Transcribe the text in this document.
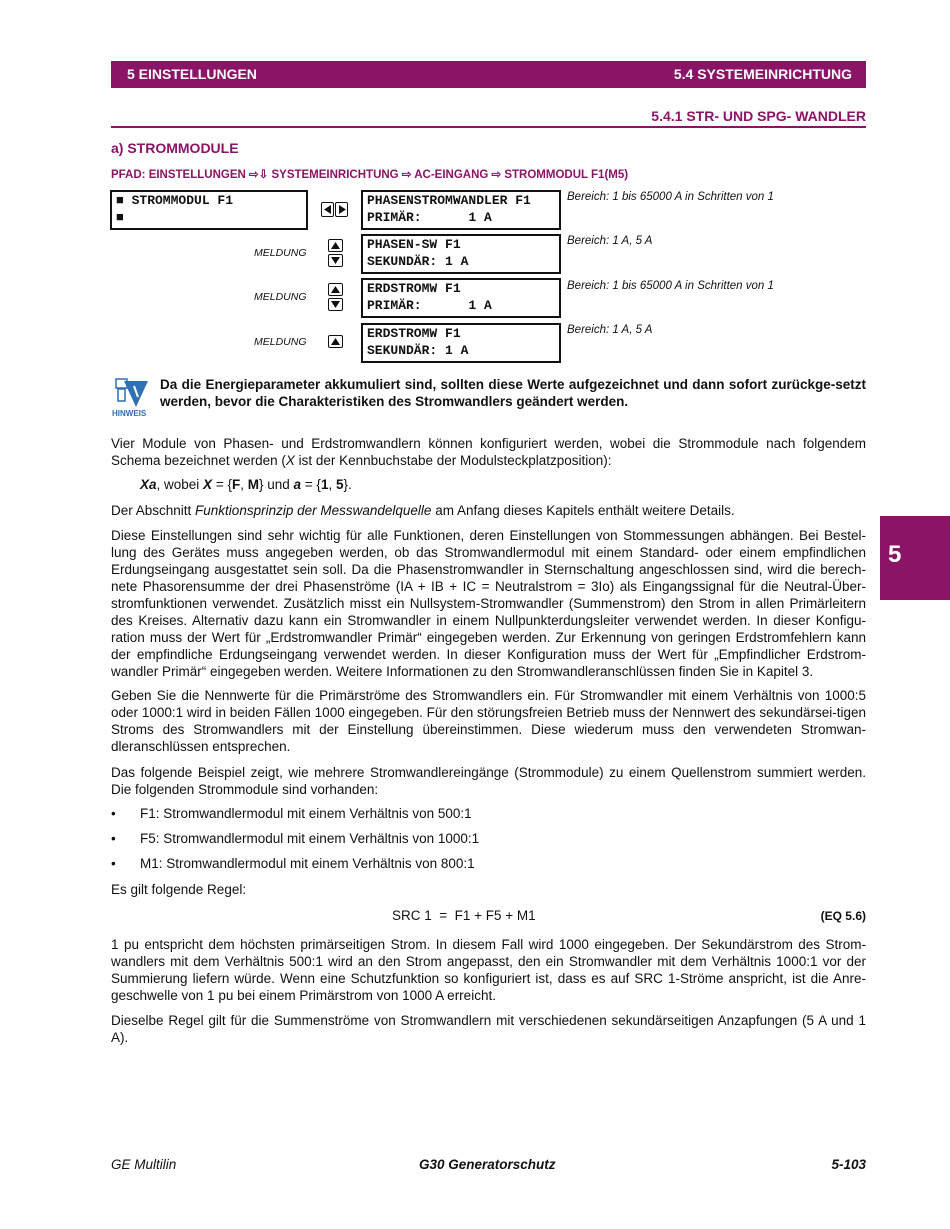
5 EINSTELLUNGEN	5.4 SYSTEMEINRICHTUNG
5.4.1 STR- UND SPG- WANDLER
a) STROMMODULE
PFAD: EINSTELLUNGEN ⇨⇩ SYSTEMEINRICHTUNG ⇨ AC-EINGANG ⇨ STROMMODUL F1(M5)
■ STROMMODUL F1
■
PHASENSTROMWANDLER F1
PRIMÄR:      1 A
Bereich: 1 bis 65000 A in Schritten von 1
MELDUNG
PHASEN-SW F1
SEKUNDÄR: 1 A
Bereich: 1 A, 5 A
MELDUNG
ERDSTROMW F1
PRIMÄR:      1 A
Bereich: 1 bis 65000 A in Schritten von 1
MELDUNG
ERDSTROMW F1
SEKUNDÄR: 1 A
Bereich: 1 A, 5 A
HINWEIS
Da die Energieparameter akkumuliert sind, sollten diese Werte aufgezeichnet und dann sofort zurückge-setzt werden, bevor die Charakteristiken des Stromwandlers geändert werden.

Vier Module von Phasen- und Erdstromwandlern können konfiguriert werden, wobei die Strommodule nach folgendem Schema bezeichnet werden (X ist der Kennbuchstabe der Modulsteckplatzposition):

Xa, wobei X = {F, M} und a = {1, 5}.

Der Abschnitt Funktionsprinzip der Messwandelquelle am Anfang dieses Kapitels enthält weitere Details.

Diese Einstellungen sind sehr wichtig für alle Funktionen, deren Einstellungen von Stommessungen abhängen. Bei Bestel-lung des Gerätes muss angegeben werden, ob das Stromwandlermodul mit einem Standard- oder einem empfindlichen Erdungseingang ausgestattet sein soll. Da die Phasenstromwandler in Sternschaltung angeschlossen sind, wird die berech-nete Phasorensumme der drei Phasenströme (IA + IB + IC = Neutralstrom = 3Io) als Eingangssignal für die Neutral-Über-stromfunktionen verwendet. Zusätzlich misst ein Nullsystem-Stromwandler (Summenstrom) den Strom in allen Primärleitern des Kreises. Alternativ dazu kann ein Stromwandler in einem Nullpunkterdungsleiter verwendet werden. In dieser Konfigu-ration muss der Wert für „Erdstromwandler Primär“ eingegeben werden. Zur Erkennung von geringen Erdstromfehlern kann der empfindliche Erdungseingang verwendet werden. In dieser Konfiguration muss der Wert für „Empfindlicher Erdstrom-wandler Primär“ eingegeben werden. Weitere Informationen zu den Stromwandleranschlüssen finden Sie in Kapitel 3.
Geben Sie die Nennwerte für die Primärströme des Stromwandlers ein. Für Stromwandler mit einem Verhältnis von 1000:5 oder 1000:1 wird in beiden Fällen 1000 eingegeben. Für den störungsfreien Betrieb muss der Nennwert des sekundärsei-tigen Stroms des Stromwandlers mit der Einstellung übereinstimmen. Diese wiederum muss den verwendeten Stromwan-dleranschlüssen entsprechen.
Das folgende Beispiel zeigt, wie mehrere Stromwandlereingänge (Strommodule) zu einem Quellenstrom summiert werden. Die folgenden Strommodule sind vorhanden:
• F1: Stromwandlermodul mit einem Verhältnis von 500:1
• F5: Stromwandlermodul mit einem Verhältnis von 1000:1
• M1: Stromwandlermodul mit einem Verhältnis von 800:1
Es gilt folgende Regel:
SRC 1  =  F1 + F5 + M1	(EQ 5.6)
1 pu entspricht dem höchsten primärseitigen Strom. In diesem Fall wird 1000 eingegeben. Der Sekundärstrom des Strom-wandlers mit dem Verhältnis 500:1 wird an den Strom angepasst, den ein Stromwandler mit dem Verhältnis 1000:1 vor der Summierung liefern würde. Wenn eine Schutzfunktion so konfiguriert ist, dass es auf SRC 1-Ströme anspricht, ist die Anre-geschwelle von 1 pu bei einem Primärstrom von 1000 A erreicht.
Dieselbe Regel gilt für die Summenströme von Stromwandlern mit verschiedenen sekundärseitigen Anzapfungen (5 A und 1 A).
5
GE Multilin	G30 Generatorschutz	5-103
